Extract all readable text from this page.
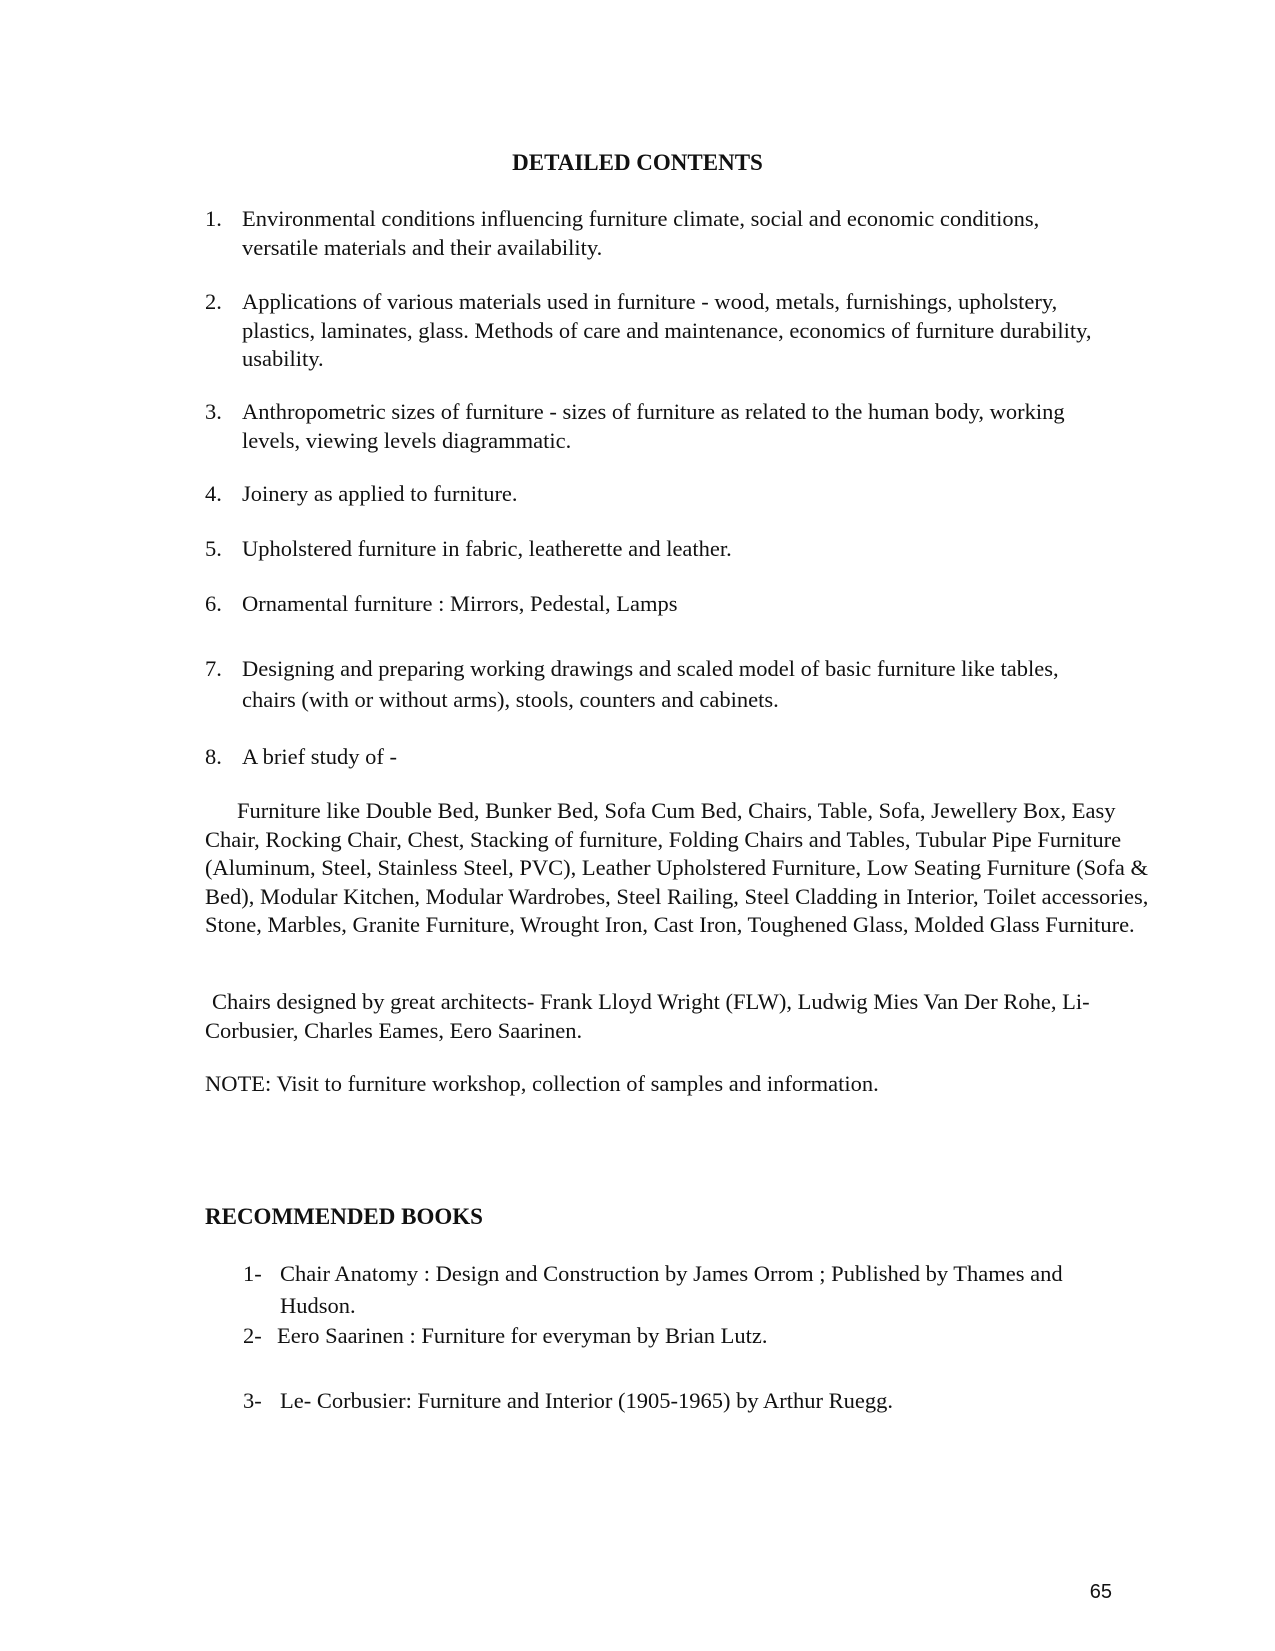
DETAILED CONTENTS
1. Environmental conditions influencing furniture climate, social and economic conditions, versatile materials and their availability.
2. Applications of various materials used in furniture - wood, metals, furnishings, upholstery, plastics, laminates, glass. Methods of care and maintenance, economics of furniture durability, usability.
3. Anthropometric sizes of furniture - sizes of furniture as related to the human body, working levels, viewing levels diagrammatic.
4. Joinery as applied to furniture.
5. Upholstered furniture in fabric, leatherette and leather.
6. Ornamental furniture : Mirrors, Pedestal, Lamps
7. Designing and preparing working drawings and scaled model of basic furniture like tables, chairs (with or without arms), stools, counters and cabinets.
8. A brief study of -
Furniture like Double Bed, Bunker Bed, Sofa Cum Bed, Chairs, Table, Sofa, Jewellery Box, Easy Chair, Rocking Chair, Chest, Stacking of furniture, Folding Chairs and Tables, Tubular Pipe Furniture (Aluminum, Steel, Stainless Steel, PVC), Leather Upholstered Furniture, Low Seating Furniture (Sofa & Bed), Modular Kitchen, Modular Wardrobes, Steel Railing, Steel Cladding in Interior, Toilet accessories, Stone, Marbles, Granite Furniture, Wrought Iron, Cast Iron, Toughened Glass, Molded Glass Furniture.
Chairs designed by great architects- Frank Lloyd Wright (FLW), Ludwig Mies Van Der Rohe, Li-Corbusier, Charles Eames, Eero Saarinen.
NOTE: Visit to furniture workshop, collection of samples and information.
RECOMMENDED BOOKS
1- Chair Anatomy : Design and Construction by James Orrom ; Published by Thames and Hudson.
2- Eero Saarinen : Furniture for everyman by Brian Lutz.
3- Le- Corbusier: Furniture and Interior (1905-1965) by Arthur Ruegg.
65
